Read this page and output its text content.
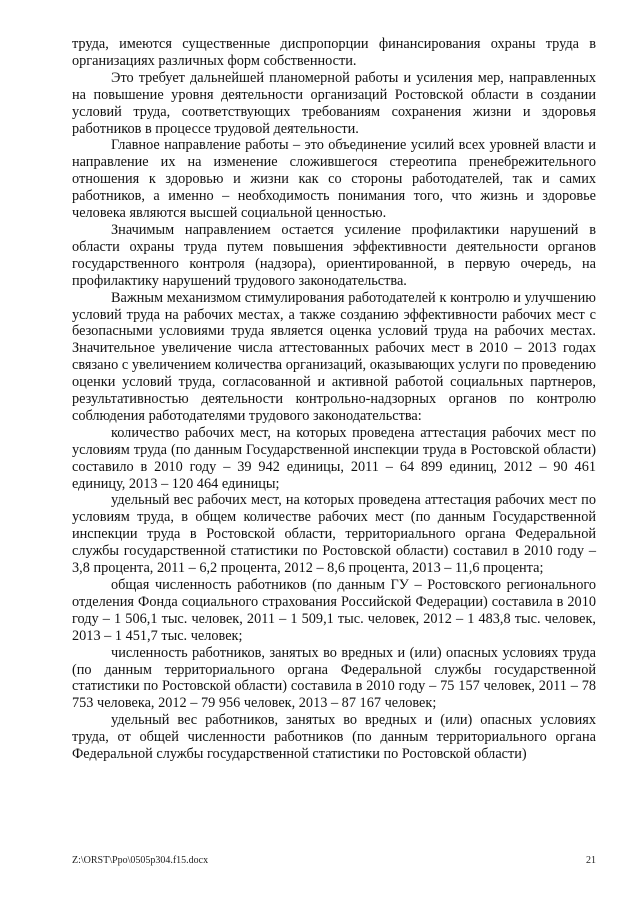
труда, имеются существенные диспропорции финансирования охраны труда в организациях различных форм собственности.

Это требует дальнейшей планомерной работы и усиления мер, направленных на повышение уровня деятельности организаций Ростовской области в создании условий труда, соответствующих требованиям сохранения жизни и здоровья работников в процессе трудовой деятельности.

Главное направление работы – это объединение усилий всех уровней власти и направление их на изменение сложившегося стереотипа пренебрежительного отношения к здоровью и жизни как со стороны работодателей, так и самих работников, а именно – необходимость понимания того, что жизнь и здоровье человека являются высшей социальной ценностью.

Значимым направлением остается усиление профилактики нарушений в области охраны труда путем повышения эффективности деятельности органов государственного контроля (надзора), ориентированной, в первую очередь, на профилактику нарушений трудового законодательства.

Важным механизмом стимулирования работодателей к контролю и улучшению условий труда на рабочих местах, а также созданию эффективности рабочих мест с безопасными условиями труда является оценка условий труда на рабочих местах. Значительное увеличение числа аттестованных рабочих мест в 2010 – 2013 годах связано с увеличением количества организаций, оказывающих услуги по проведению оценки условий труда, согласованной и активной работой социальных партнеров, результативностью деятельности контрольно-надзорных органов по контролю соблюдения работодателями трудового законодательства:

количество рабочих мест, на которых проведена аттестация рабочих мест по условиям труда (по данным Государственной инспекции труда в Ростовской области) составило в 2010 году – 39 942 единицы, 2011 – 64 899 единиц, 2012 – 90 461 единицу, 2013 – 120 464 единицы;

удельный вес рабочих мест, на которых проведена аттестация рабочих мест по условиям труда, в общем количестве рабочих мест (по данным Государственной инспекции труда в Ростовской области, территориального органа Федеральной службы государственной статистики по Ростовской области) составил в 2010 году – 3,8 процента, 2011 – 6,2 процента, 2012 – 8,6 процента, 2013 – 11,6 процента;

общая численность работников (по данным ГУ – Ростовского регионального отделения Фонда социального страхования Российской Федерации) составила в 2010 году – 1 506,1 тыс. человек, 2011 – 1 509,1 тыс. человек, 2012 – 1 483,8 тыс. человек, 2013 – 1 451,7 тыс. человек;

численность работников, занятых во вредных и (или) опасных условиях труда (по данным территориального органа Федеральной службы государственной статистики по Ростовской области) составила в 2010 году – 75 157 человек, 2011 – 78 753 человека, 2012 – 79 956 человек, 2013 – 87 167 человек;

удельный вес работников, занятых во вредных и (или) опасных условиях труда, от общей численности работников (по данным территориального органа Федеральной службы государственной статистики по Ростовской области)

Z:\ORST\Ppo\0505p304.f15.docx	21
